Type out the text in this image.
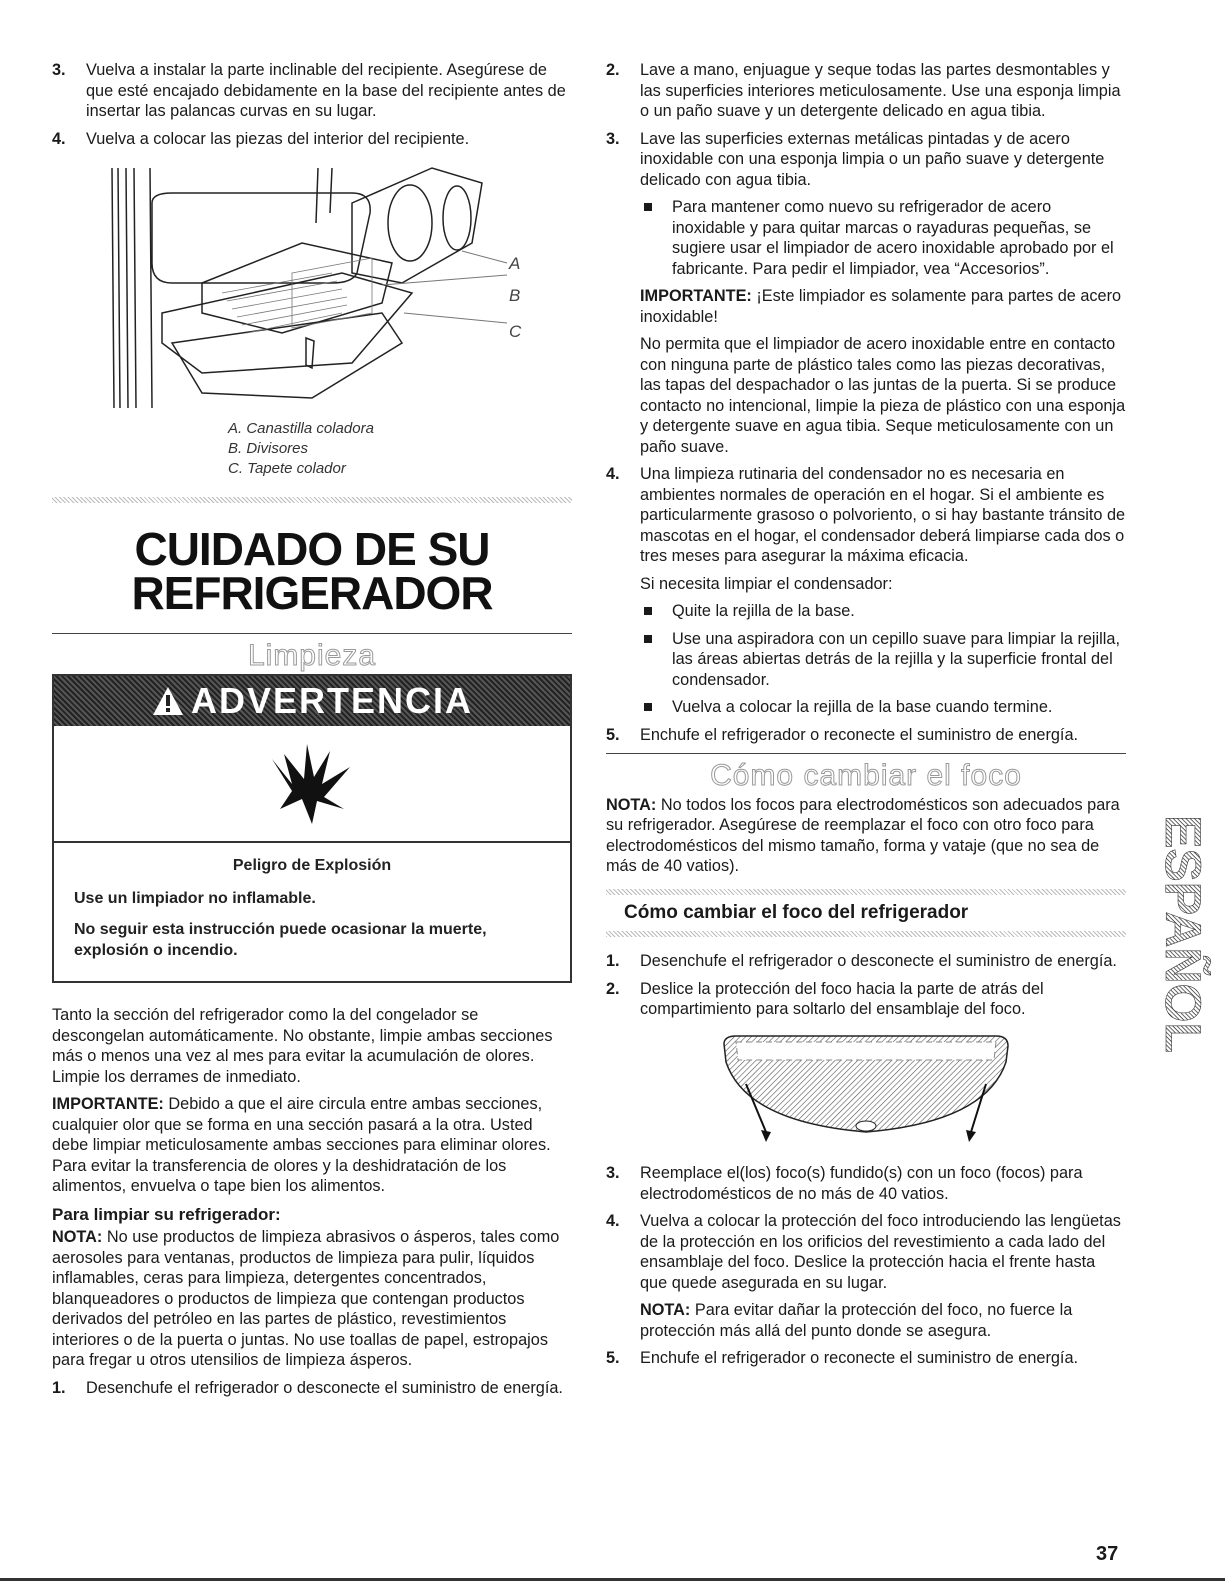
3. Vuelva a instalar la parte inclinable del recipiente. Asegúrese de que esté encajado debidamente en la base del recipiente antes de insertar las palancas curvas en su lugar.
4. Vuelva a colocar las piezas del interior del recipiente.
A
B
C
A. Canastilla coladora
B. Divisores
C. Tapete colador
CUIDADO DE SU
REFRIGERADOR
Limpieza
ADVERTENCIA
Peligro de Explosión

Use un limpiador no inflamable.

No seguir esta instrucción puede ocasionar la muerte, explosión o incendio.

Tanto la sección del refrigerador como la del congelador se descongelan automáticamente. No obstante, limpie ambas secciones más o menos una vez al mes para evitar la acumulación de olores. Limpie los derrames de inmediato.

IMPORTANTE: Debido a que el aire circula entre ambas secciones, cualquier olor que se forma en una sección pasará a la otra. Usted debe limpiar meticulosamente ambas secciones para eliminar olores. Para evitar la transferencia de olores y la deshidratación de los alimentos, envuelva o tape bien los alimentos.

Para limpiar su refrigerador:

NOTA: No use productos de limpieza abrasivos o ásperos, tales como aerosoles para ventanas, productos de limpieza para pulir, líquidos inflamables, ceras para limpieza, detergentes concentrados, blanqueadores o productos de limpieza que contengan productos derivados del petróleo en las partes de plástico, revestimientos interiores o de la puerta o juntas. No use toallas de papel, estropajos para fregar u otros utensilios de limpieza ásperos.

1. Desenchufe el refrigerador o desconecte el suministro de energía.
2. Lave a mano, enjuague y seque todas las partes desmontables y las superficies interiores meticulosamente. Use una esponja limpia o un paño suave y un detergente delicado en agua tibia.
3. Lave las superficies externas metálicas pintadas y de acero inoxidable con una esponja limpia o un paño suave y detergente delicado con agua tibia.
Para mantener como nuevo su refrigerador de acero inoxidable y para quitar marcas o rayaduras pequeñas, se sugiere usar el limpiador de acero inoxidable aprobado por el fabricante. Para pedir el limpiador, vea “Accesorios”.

IMPORTANTE: ¡Este limpiador es solamente para partes de acero inoxidable!

No permita que el limpiador de acero inoxidable entre en contacto con ninguna parte de plástico tales como las piezas decorativas, las tapas del despachador o las juntas de la puerta. Si se produce contacto no intencional, limpie la pieza de plástico con una esponja y detergente suave en agua tibia. Seque meticulosamente con un paño suave.

4. Una limpieza rutinaria del condensador no es necesaria en ambientes normales de operación en el hogar. Si el ambiente es particularmente grasoso o polvoriento, o si hay bastante tránsito de mascotas en el hogar, el condensador deberá limpiarse cada dos o tres meses para asegurar la máxima eficacia.

Si necesita limpiar el condensador:

Quite la rejilla de la base.
Use una aspiradora con un cepillo suave para limpiar la rejilla, las áreas abiertas detrás de la rejilla y la superficie frontal del condensador.
Vuelva a colocar la rejilla de la base cuando termine.
5. Enchufe el refrigerador o reconecte el suministro de energía.
Cómo cambiar el foco

NOTA: No todos los focos para electrodomésticos son adecuados para su refrigerador. Asegúrese de reemplazar el foco con otro foco para electrodomésticos del mismo tamaño, forma y vataje (que no sea de más de 40 vatios).

Cómo cambiar el foco del refrigerador
1. Desenchufe el refrigerador o desconecte el suministro de energía.
2. Deslice la protección del foco hacia la parte de atrás del compartimiento para soltarlo del ensamblaje del foco.
3. Reemplace el(los) foco(s) fundido(s) con un foco (focos) para electrodomésticos de no más de 40 vatios.
4. Vuelva a colocar la protección del foco introduciendo las lengüetas de la protección en los orificios del revestimiento a cada lado del ensamblaje del foco. Deslice la protección hacia el frente hasta que quede asegurada en su lugar.

NOTA: Para evitar dañar la protección del foco, no fuerce la protección más allá del punto donde se asegura.

5. Enchufe el refrigerador o reconecte el suministro de energía.
ESPAÑOL
37
